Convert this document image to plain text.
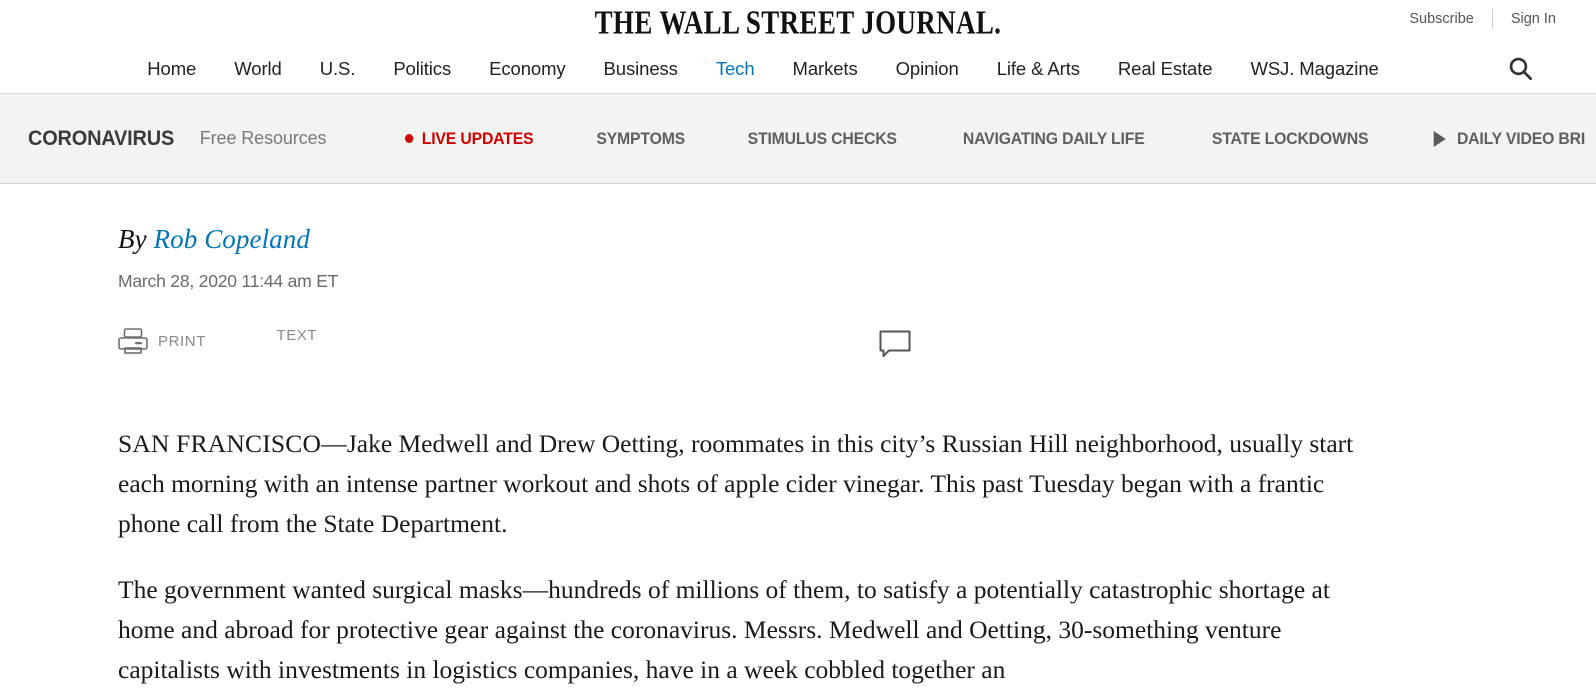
THE WALL STREET JOURNAL.	Subscribe	Sign In
Home	World	U.S.	Politics	Economy	Business	Tech	Markets	Opinion	Life & Arts	Real Estate	WSJ. Magazine
CORONAVIRUS Free Resources	LIVE UPDATES	SYMPTOMS	STIMULUS CHECKS	NAVIGATING DAILY LIFE	STATE LOCKDOWNS	DAILY VIDEO BRI
By Rob Copeland
March 28, 2020 11:44 am ET
PRINT
	TEXT

SAN FRANCISCO—Jake Medwell and Drew Oetting, roommates in this city’s Russian Hill neighborhood, usually start each morning with an intense partner workout and shots of apple cider vinegar. This past Tuesday began with a frantic phone call from the State Department.

The government wanted surgical masks—hundreds of millions of them, to satisfy a potentially catastrophic shortage at home and abroad for protective gear against the coronavirus. Messrs. Medwell and Oetting, 30-something venture capitalists with investments in logistics companies, have in a week cobbled together an
